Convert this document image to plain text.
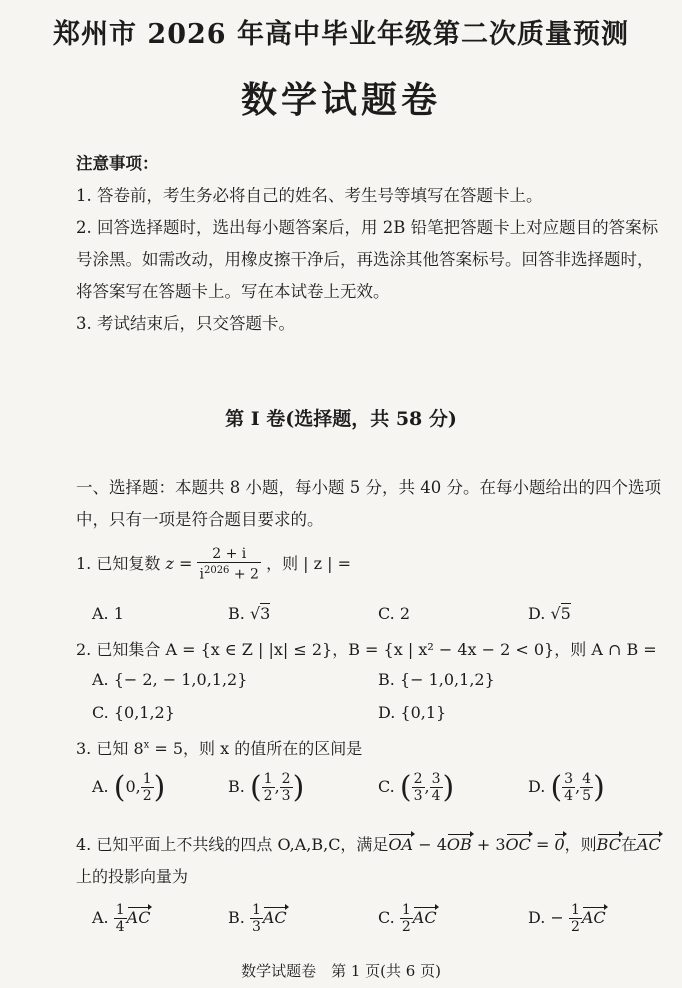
郑州市 2026 年高中毕业年级第二次质量预测
数学试题卷

注意事项：

1. 答卷前，考生务必将自己的姓名、考生号等填写在答题卡上。

2. 回答选择题时，选出每小题答案后，用 2B 铅笔把答题卡上对应题目的答案标号涂黑。如需改动，用橡皮擦干净后，再选涂其他答案标号。回答非选择题时，将答案写在答题卡上。写在本试卷上无效。

3. 考试结束后，只交答题卡。

第 Ⅰ 卷(选择题，共 58 分)

一、选择题：本题共 8 小题，每小题 5 分，共 40 分。在每小题给出的四个选项中，只有一项是符合题目要求的。

1. 已知复数 $z = \frac{2 + i}{i^{2026} + 2}$ ，则 | z | =
A. 1	B. √3	C. 2	D. √5
2. 已知集合 A = {x ∈ Z | |x| ≤ 2}，B = {x | x² − 4x − 2 < 0}，则 A ∩ B =
A. {− 2, − 1,0,1,2}	B. {− 1,0,1,2}
C. {0,1,2}	D. {0,1}
3. 已知 $8^x = 5$，则 x 的值所在的区间是
A. (0, $\frac{1}{2}$ )	B. ( $\frac{1}{2}$ , $\frac{2}{3}$ )	C. ( $\frac{2}{3}$ , $\frac{3}{4}$ )	D. ( $\frac{3}{4}$ , $\frac{4}{5}$ )
4. 已知平面上不共线的四点 O,A,B,C，满足OA − 4OB + 3OC = 0，则BC在AC
上的投影向量为
A. $\frac{1}{4}$ AC	B. $\frac{1}{3}$ AC	C. $\frac{1}{2}$ AC	D. − $\frac{1}{2}$ AC
数学试题卷　第 1 页(共 6 页)
